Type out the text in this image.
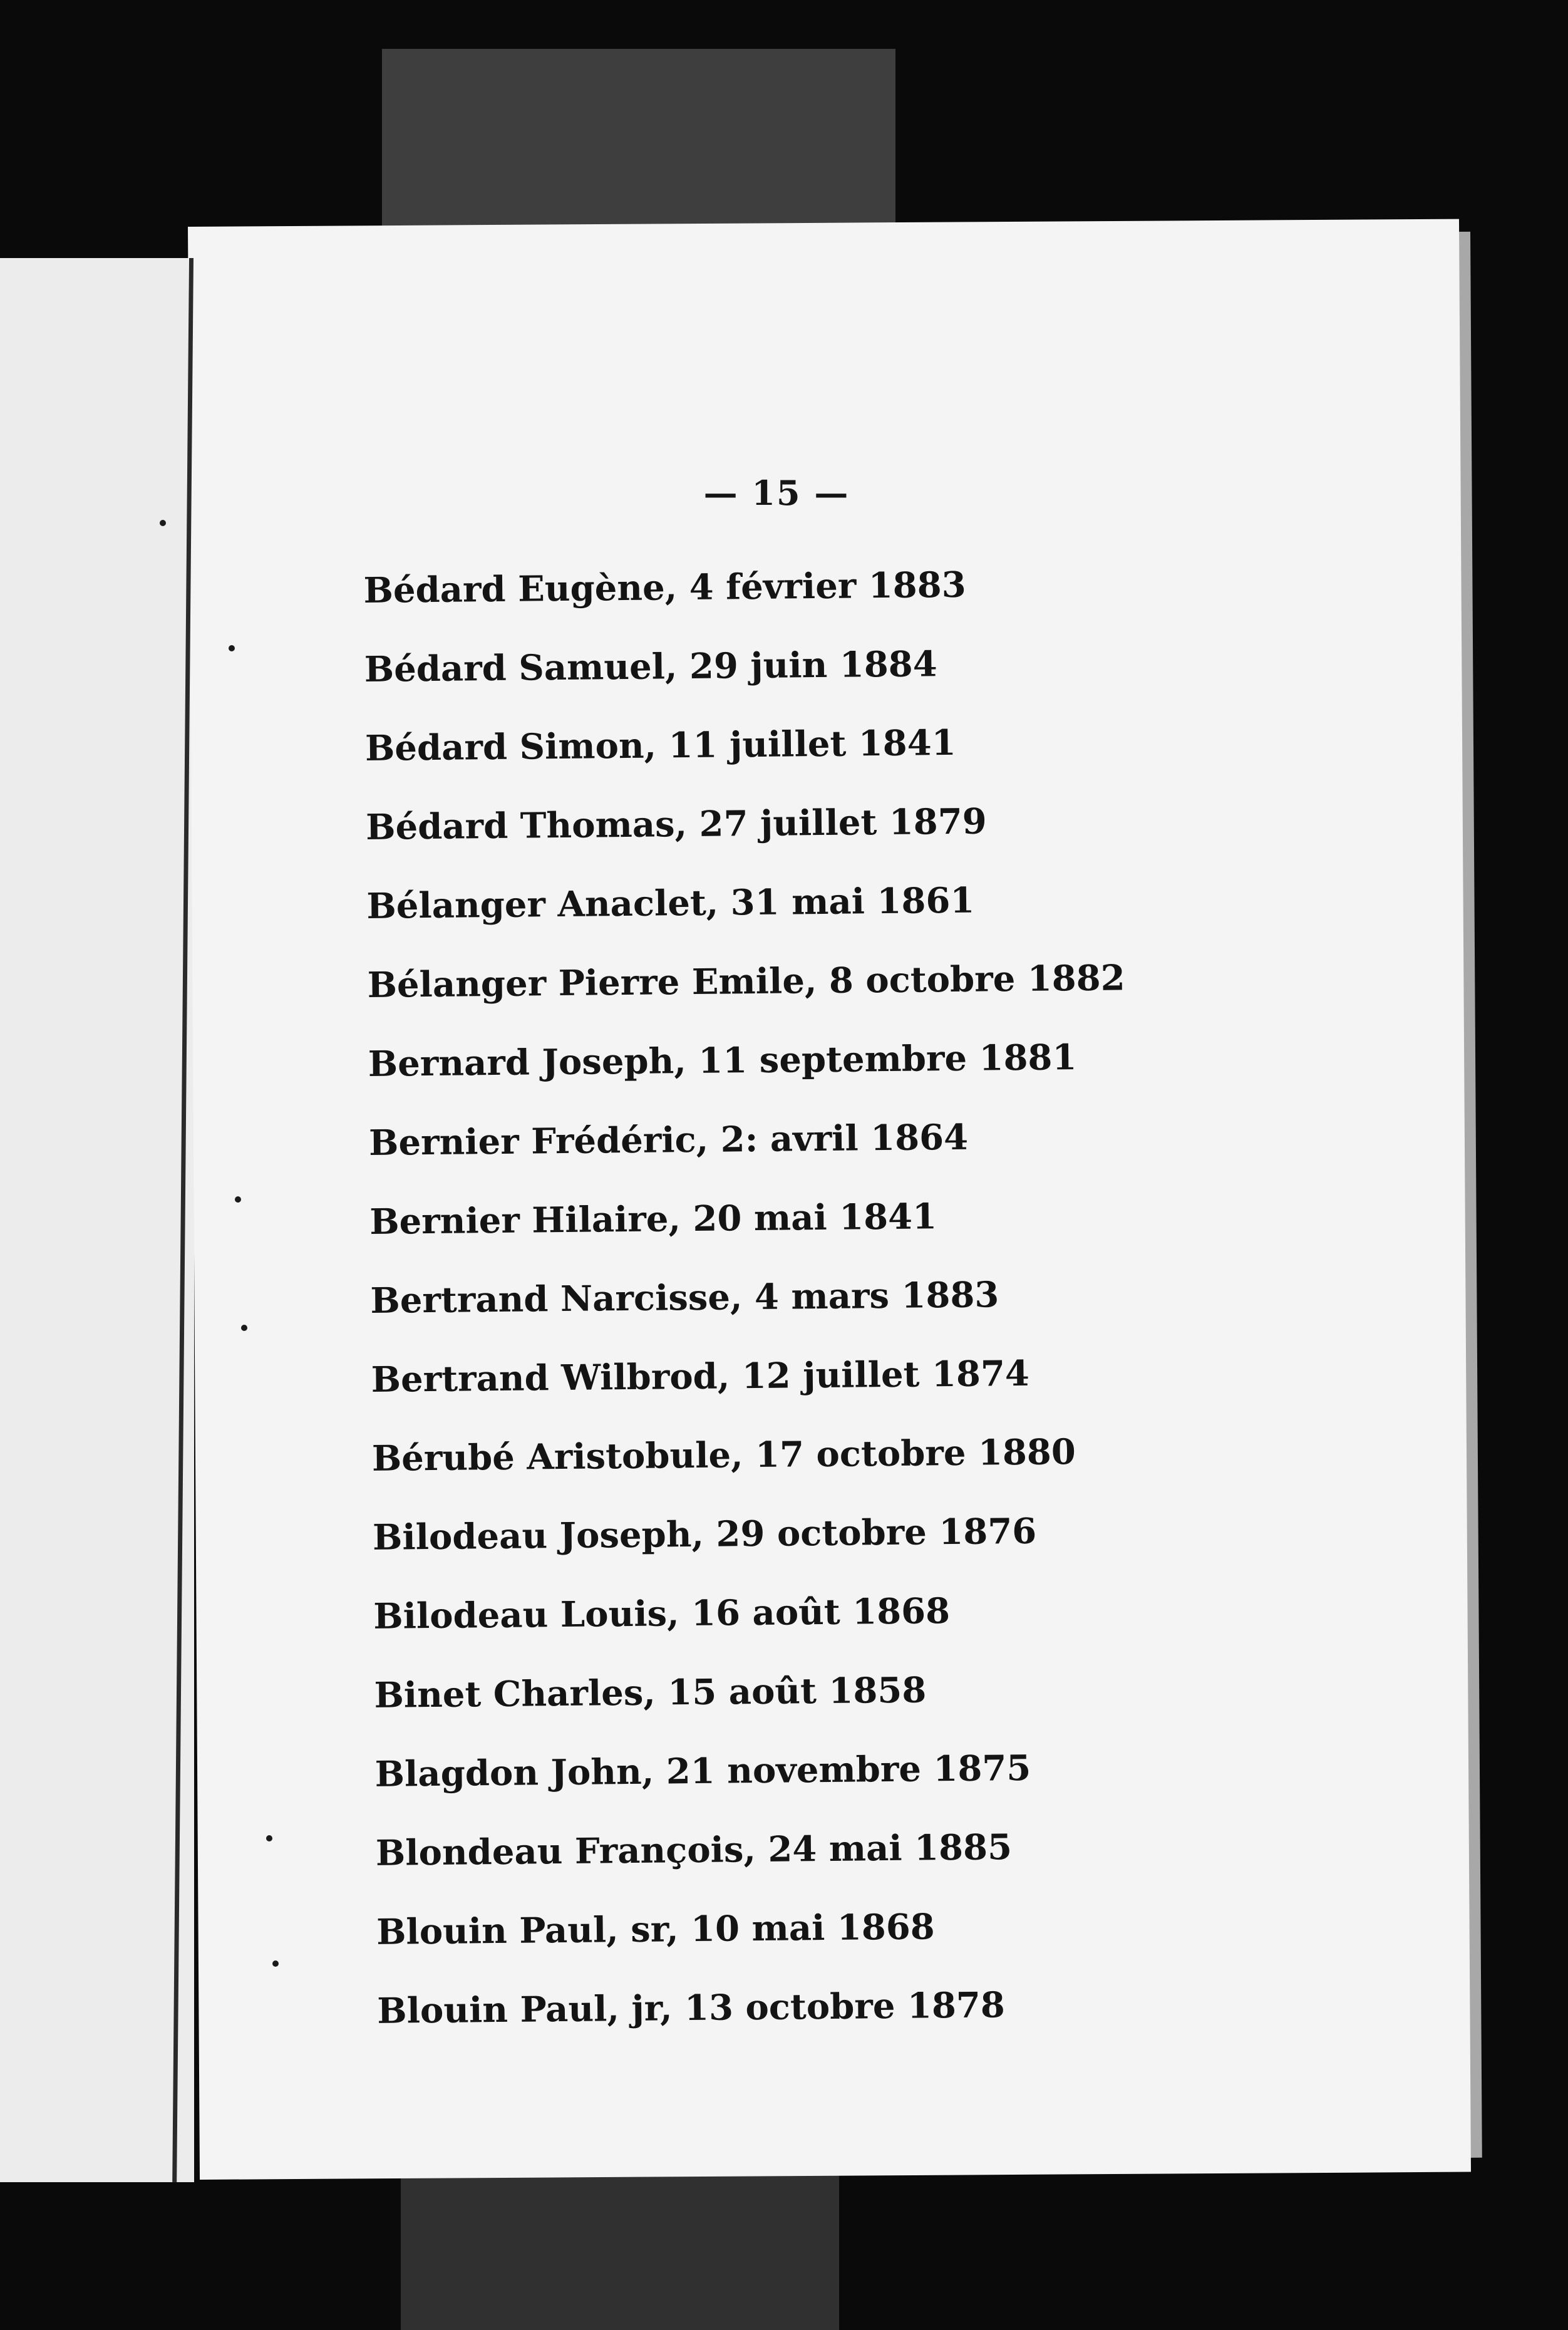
— 15 —
Bédard Eugène, 4 février 1883
Bédard Samuel, 29 juin 1884
Bédard Simon, 11 juillet 1841
Bédard Thomas, 27 juillet 1879
Bélanger Anaclet, 31 mai 1861
Bélanger Pierre Emile, 8 octobre 1882
Bernard Joseph, 11 septembre 1881
Bernier Frédéric, 2: avril 1864
Bernier Hilaire, 20 mai 1841
Bertrand Narcisse, 4 mars 1883
Bertrand Wilbrod, 12 juillet 1874
Bérubé Aristobule, 17 octobre 1880
Bilodeau Joseph, 29 octobre 1876
Bilodeau Louis, 16 août 1868
Binet Charles, 15 août 1858
Blagdon John, 21 novembre 1875
Blondeau François, 24 mai 1885
Blouin Paul, sr, 10 mai 1868
Blouin Paul, jr, 13 octobre 1878
